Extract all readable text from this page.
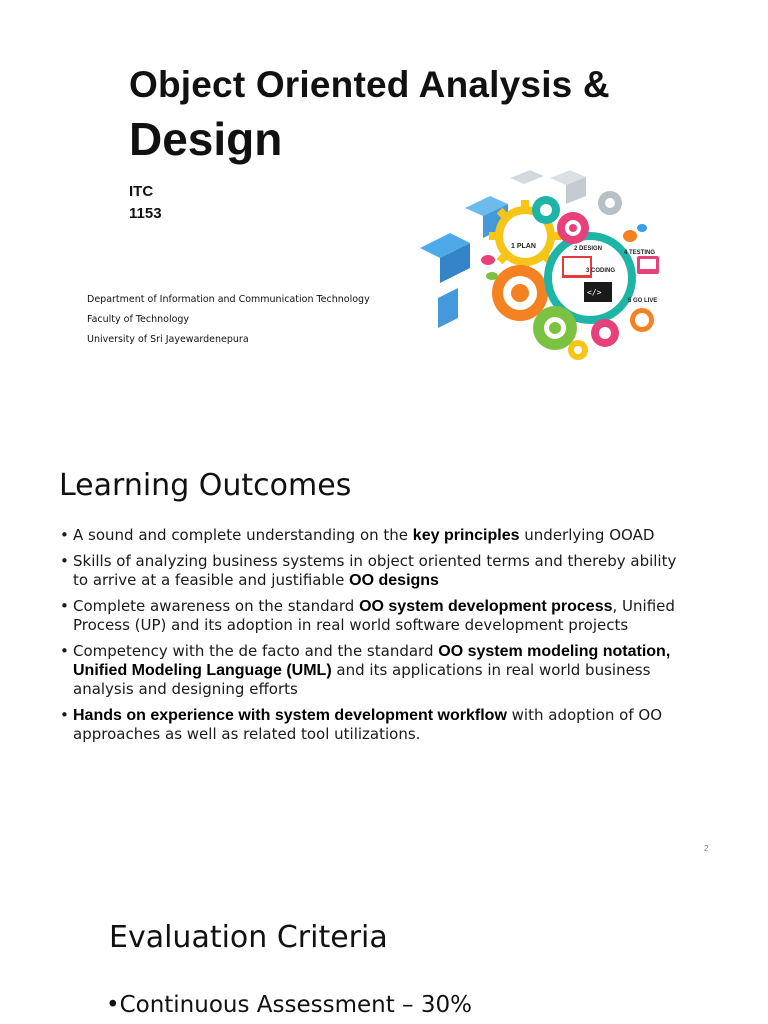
Object Oriented Analysis &
Design
ITC
1153
Department of Information and Communication Technology
Faculty of Technology
University of Sri Jayewardenepura
1 PLAN
</>
2 DESIGN
3 CODING
4 TESTING
5 GO LIVE
Learning Outcomes
• A sound and complete understanding on the key principles underlying OOAD
• Skills of analyzing business systems in object oriented terms and thereby ability to arrive at a feasible and justifiable OO designs
• Complete awareness on the standard OO system development process, Unified Process (UP) and its adoption in real world software development projects
• Competency with the de facto and the standard OO system modeling notation, Unified Modeling Language (UML) and its applications in real world business analysis and designing efforts
• Hands on experience with system development workflow with adoption of OO approaches as well as related tool utilizations.
2
Evaluation Criteria
•Continuous Assessment – 30%
